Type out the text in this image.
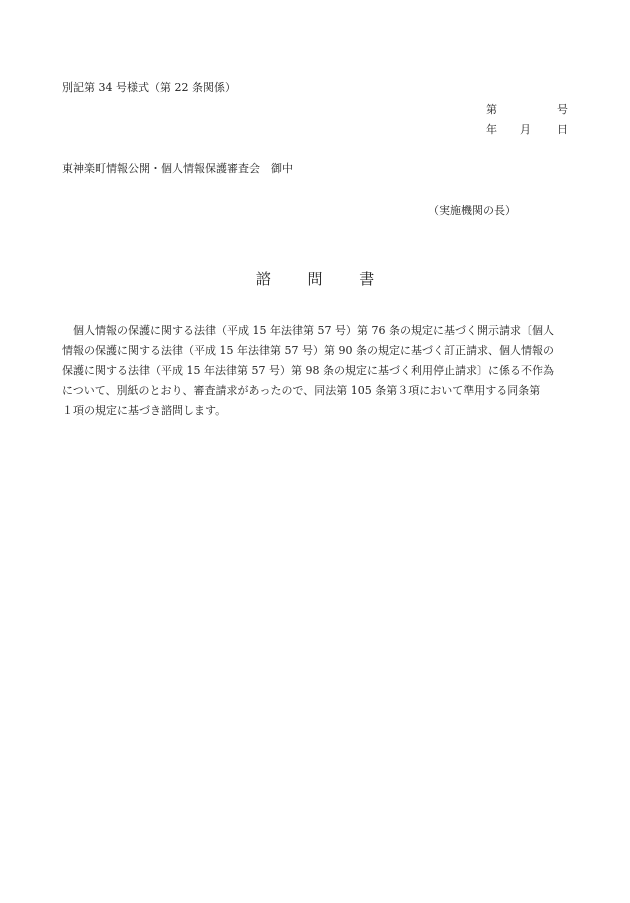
別記第 34 号様式（第 22 条関係）
第	号
年 月 日
東神楽町情報公開・個人情報保護審査会　御中
（実施機関の長）
諮 問 書
　個人情報の保護に関する法律（平成 15 年法律第 57 号）第 76 条の規定に基づく開示請求〔個人
情報の保護に関する法律（平成 15 年法律第 57 号）第 90 条の規定に基づく訂正請求、個人情報の
保護に関する法律（平成 15 年法律第 57 号）第 98 条の規定に基づく利用停止請求〕に係る不作為
について、別紙のとおり、審査請求があったので、同法第 105 条第３項において準用する同条第
１項の規定に基づき諮問します。
